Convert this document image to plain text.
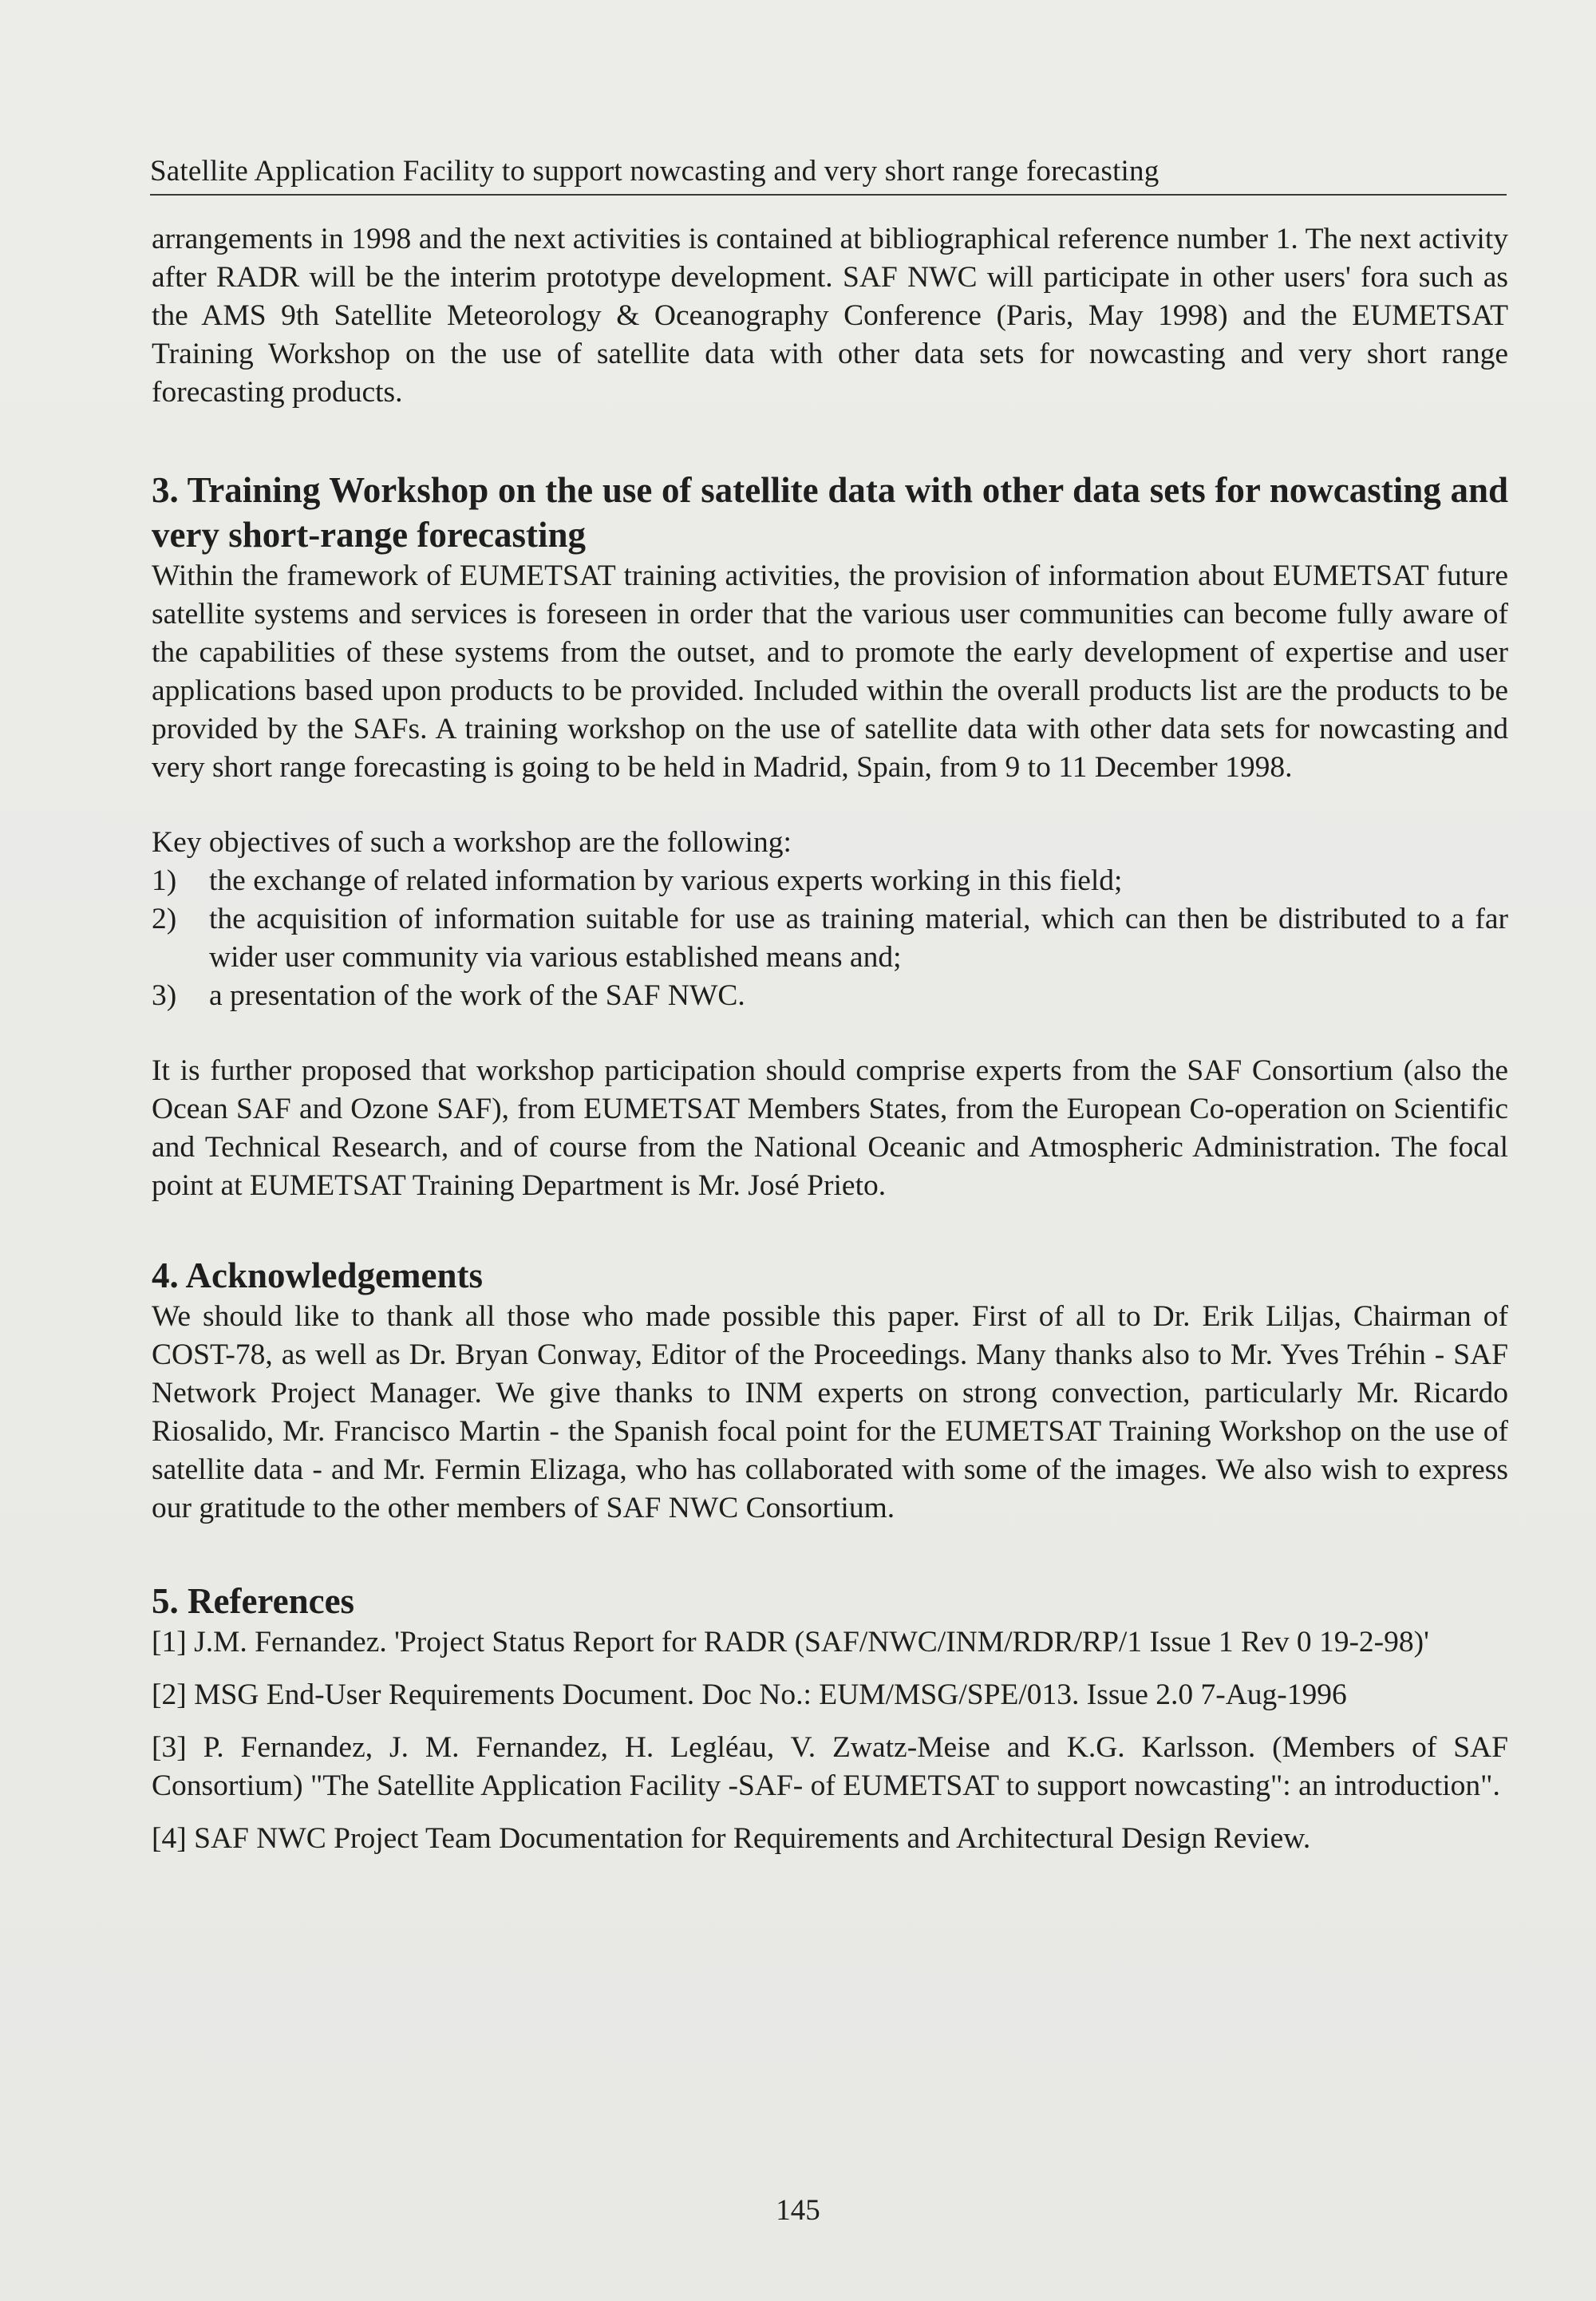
Satellite Application Facility to support nowcasting and very short range forecasting

arrangements in 1998 and the next activities is contained at bibliographical reference number 1. The next activity after RADR will be the interim prototype development. SAF NWC will participate in other users' fora such as the AMS 9th Satellite Meteorology & Oceanography Conference (Paris, May 1998) and the EUMETSAT Training Workshop on the use of satellite data with other data sets for nowcasting and very short range forecasting products.

3. Training Workshop on the use of satellite data with other data sets for nowcasting and very short-range forecasting

Within the framework of EUMETSAT training activities, the provision of information about EUMETSAT future satellite systems and services is foreseen in order that the various user communities can become fully aware of the capabilities of these systems from the outset, and to promote the early development of expertise and user applications based upon products to be provided. Included within the overall products list are the products to be provided by the SAFs. A training workshop on the use of satellite data with other data sets for nowcasting and very short range forecasting is going to be held in Madrid, Spain, from 9 to 11 December 1998.

Key objectives of such a workshop are the following:

1)	the exchange of related information by various experts working in this field;
2)	the acquisition of information suitable for use as training material, which can then be distributed to a far wider user community via various established means and;
3)	a presentation of the work of the SAF NWC.

It is further proposed that workshop participation should comprise experts from the SAF Consortium (also the Ocean SAF and Ozone SAF), from EUMETSAT Members States, from the European Co-operation on Scientific and Technical Research, and of course from the National Oceanic and Atmospheric Administration. The focal point at EUMETSAT Training Department is Mr. José Prieto.

4. Acknowledgements

We should like to thank all those who made possible this paper. First of all to Dr. Erik Liljas, Chairman of COST-78, as well as Dr. Bryan Conway, Editor of the Proceedings. Many thanks also to Mr. Yves Tréhin - SAF Network Project Manager. We give thanks to INM experts on strong convection, particularly Mr. Ricardo Riosalido, Mr. Francisco Martin - the Spanish focal point for the EUMETSAT Training Workshop on the use of satellite data - and Mr. Fermin Elizaga, who has collaborated with some of the images. We also wish to express our gratitude to the other members of SAF NWC Consortium.

5. References
[1] J.M. Fernandez. 'Project Status Report for RADR (SAF/NWC/INM/RDR/RP/1 Issue 1 Rev 0 19-2-98)'
[2] MSG End-User Requirements Document. Doc No.: EUM/MSG/SPE/013. Issue 2.0 7-Aug-1996
[3] P. Fernandez, J. M. Fernandez, H. Legléau, V. Zwatz-Meise and K.G. Karlsson. (Members of SAF Consortium) "The Satellite Application Facility -SAF- of EUMETSAT to support nowcasting": an introduction".
[4] SAF NWC Project Team Documentation for Requirements and Architectural Design Review.
145
